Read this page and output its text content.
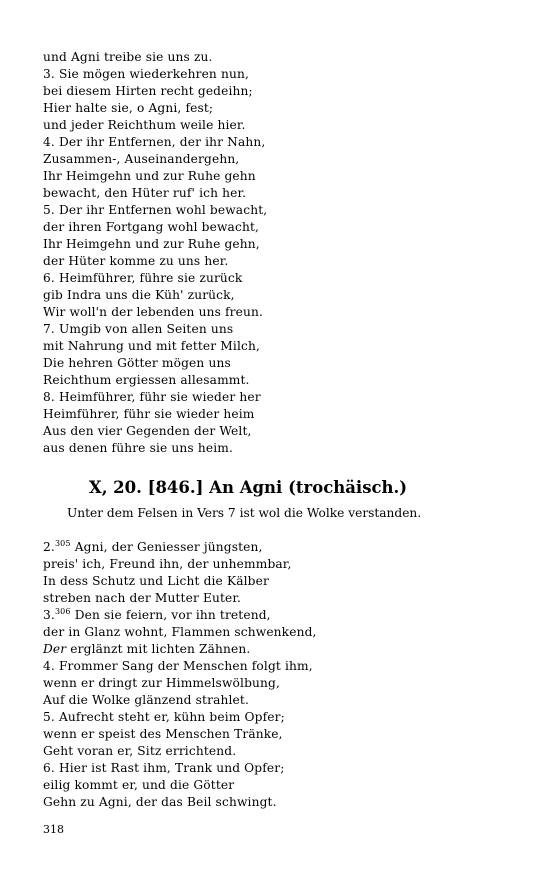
und Agni treibe sie uns zu.
3. Sie mögen wiederkehren nun,
bei diesem Hirten recht gedeihn;
Hier halte sie, o Agni, fest;
und jeder Reichthum weile hier.
4. Der ihr Entfernen, der ihr Nahn,
Zusammen-, Auseinandergehn,
Ihr Heimgehn und zur Ruhe gehn
bewacht, den Hüter ruf' ich her.
5. Der ihr Entfernen wohl bewacht,
der ihren Fortgang wohl bewacht,
Ihr Heimgehn und zur Ruhe gehn,
der Hüter komme zu uns her.
6. Heimführer, führe sie zurück
gib Indra uns die Küh' zurück,
Wir woll'n der lebenden uns freun.
7. Umgib von allen Seiten uns
mit Nahrung und mit fetter Milch,
Die hehren Götter mögen uns
Reichthum ergiessen allesammt.
8. Heimführer, führ sie wieder her
Heimführer, führ sie wieder heim
Aus den vier Gegenden der Welt,
aus denen führe sie uns heim.
X, 20. [846.] An Agni (trochäisch.)
Unter dem Felsen in Vers 7 ist wol die Wolke verstanden.
2.$^{305}$ Agni, der Geniesser jüngsten,
preis' ich, Freund ihn, der unhemmbar,
In dess Schutz und Licht die Kälber
streben nach der Mutter Euter.
3.$^{306}$ Den sie feiern, vor ihn tretend,
der in Glanz wohnt, Flammen schwenkend,
Der erglänzt mit lichten Zähnen.
4. Frommer Sang der Menschen folgt ihm,
wenn er dringt zur Himmelswölbung,
Auf die Wolke glänzend strahlet.
5. Aufrecht steht er, kühn beim Opfer;
wenn er speist des Menschen Tränke,
Geht voran er, Sitz errichtend.
6. Hier ist Rast ihm, Trank und Opfer;
eilig kommt er, und die Götter
Gehn zu Agni, der das Beil schwingt.
318
